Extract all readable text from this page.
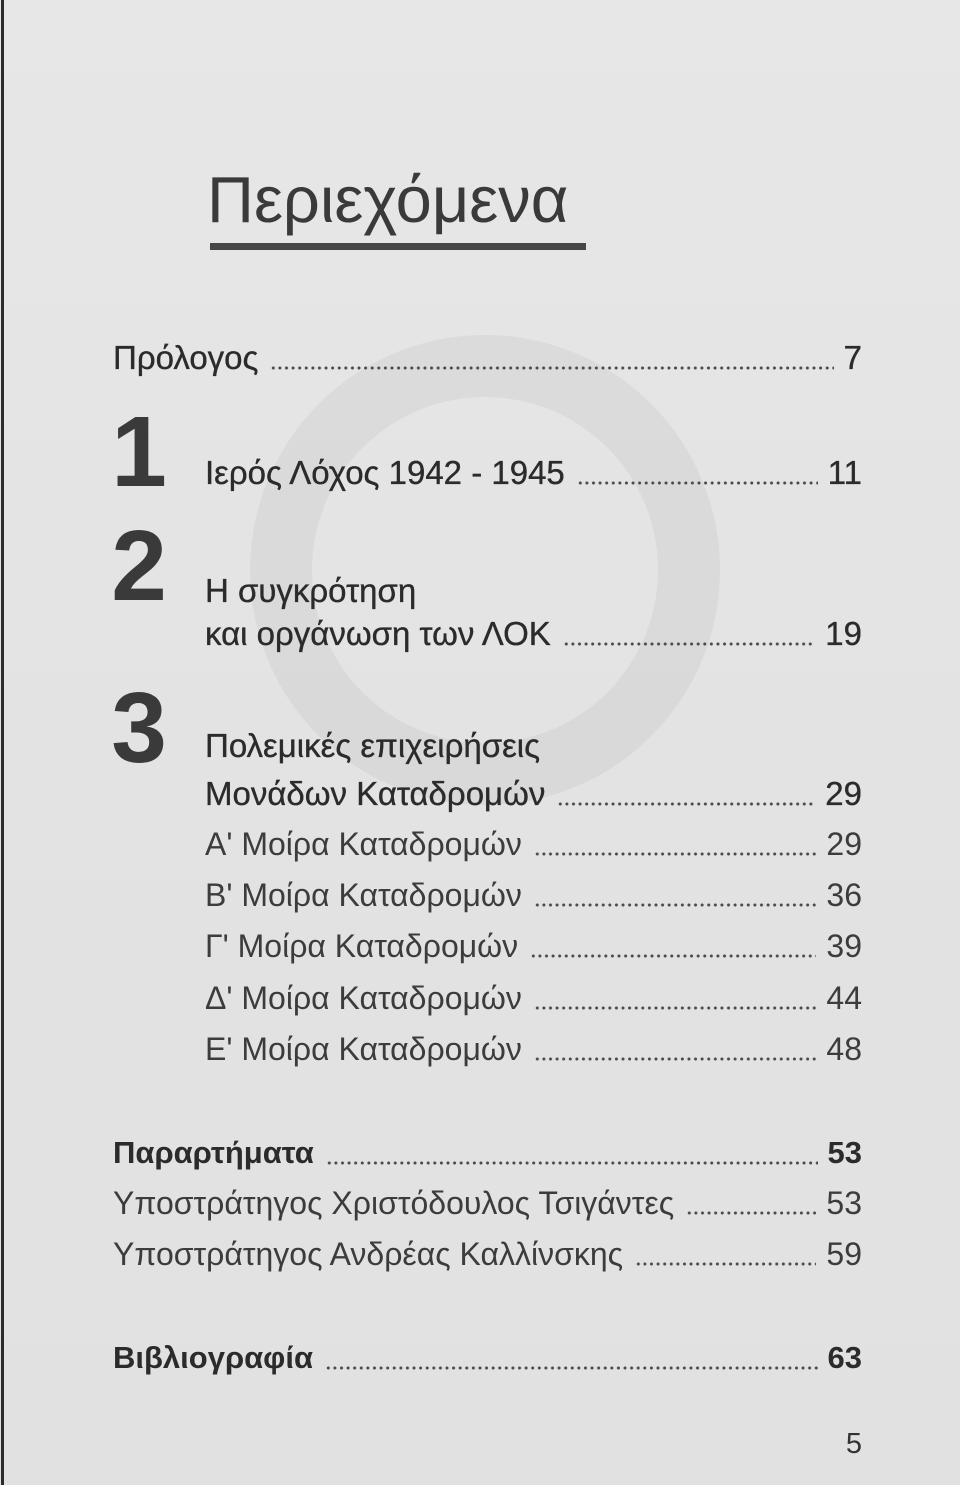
Περιεχόμενα
Πρόλογος	7
1 Ιερός Λόχος 1942 - 1945	11
2 Η συγκρότηση
και οργάνωση των ΛΟΚ	19
3 Πολεμικές επιχειρήσεις
Μονάδων Καταδρομών	29
Α' Μοίρα Καταδρομών	29
Β' Μοίρα Καταδρομών	36
Γ' Μοίρα Καταδρομών	39
Δ' Μοίρα Καταδρομών	44
Ε' Μοίρα Καταδρομών	48
Παραρτήματα	53
Υποστράτηγος Χριστόδουλος Τσιγάντες	53
Υποστράτηγος Ανδρέας Καλλίνσκης	59
Βιβλιογραφία	63
5
